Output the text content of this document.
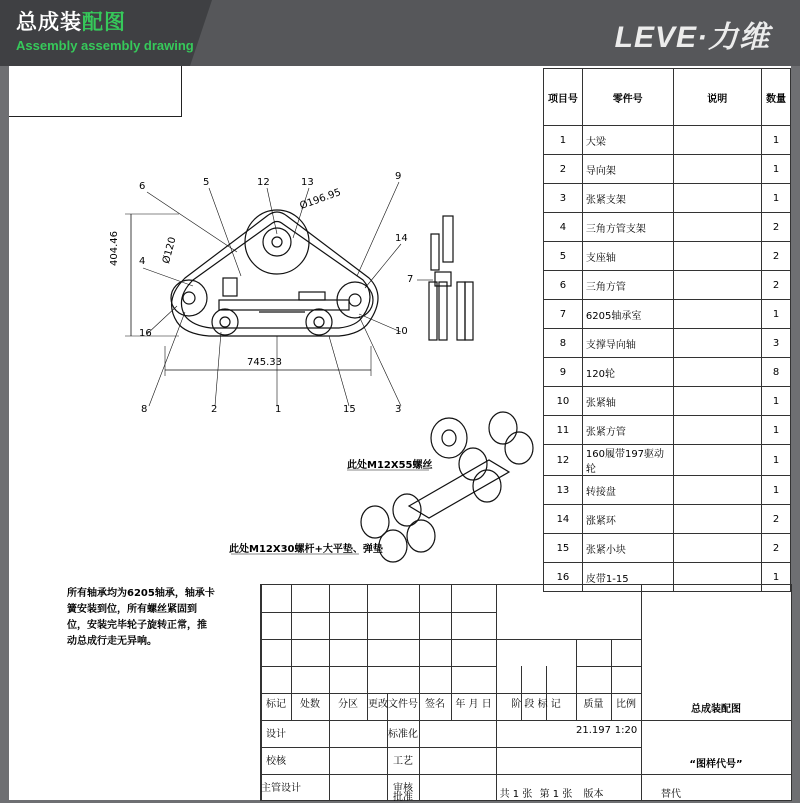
总成装配图
Assembly assembly drawing	LEVE·力维
404.46
745.33
Ø196.95
Ø120
6	5	12	13
9
4
14
16	10
8	2	1	15	3
7
此处M12X55螺丝
此处M12X30螺杆+大平垫、弹垫
项目号	零件号	说明	数量
1	大梁		1
2	导向架		1
3	张紧支架		1
4	三角方管支架		2
5	支座轴		2
6	三角方管		2
7	6205轴承室		1
8	支撑导向轴		3
9	120轮		8
10	张紧轴		1
11	张紧方管		1
12	160履带197驱动轮		1
13	转接盘		1
14	涨紧环		2
15	张紧小块		2
16	皮带1-15		1
所有轴承均为6205轴承，轴承卡簧安装到位，所有螺丝紧固到位，安装完毕轮子旋转正常，推动总成行走无异响。
标记	处数	分区	更改文件号 签名	年 月 日
设计
校核
主管设计
标准化
工艺
审核
批准
阶 段 标 记	质量	比例
21.197 1:20
总成装配图
“图样代号”
共 1 张 第 1 张	版本	替代
